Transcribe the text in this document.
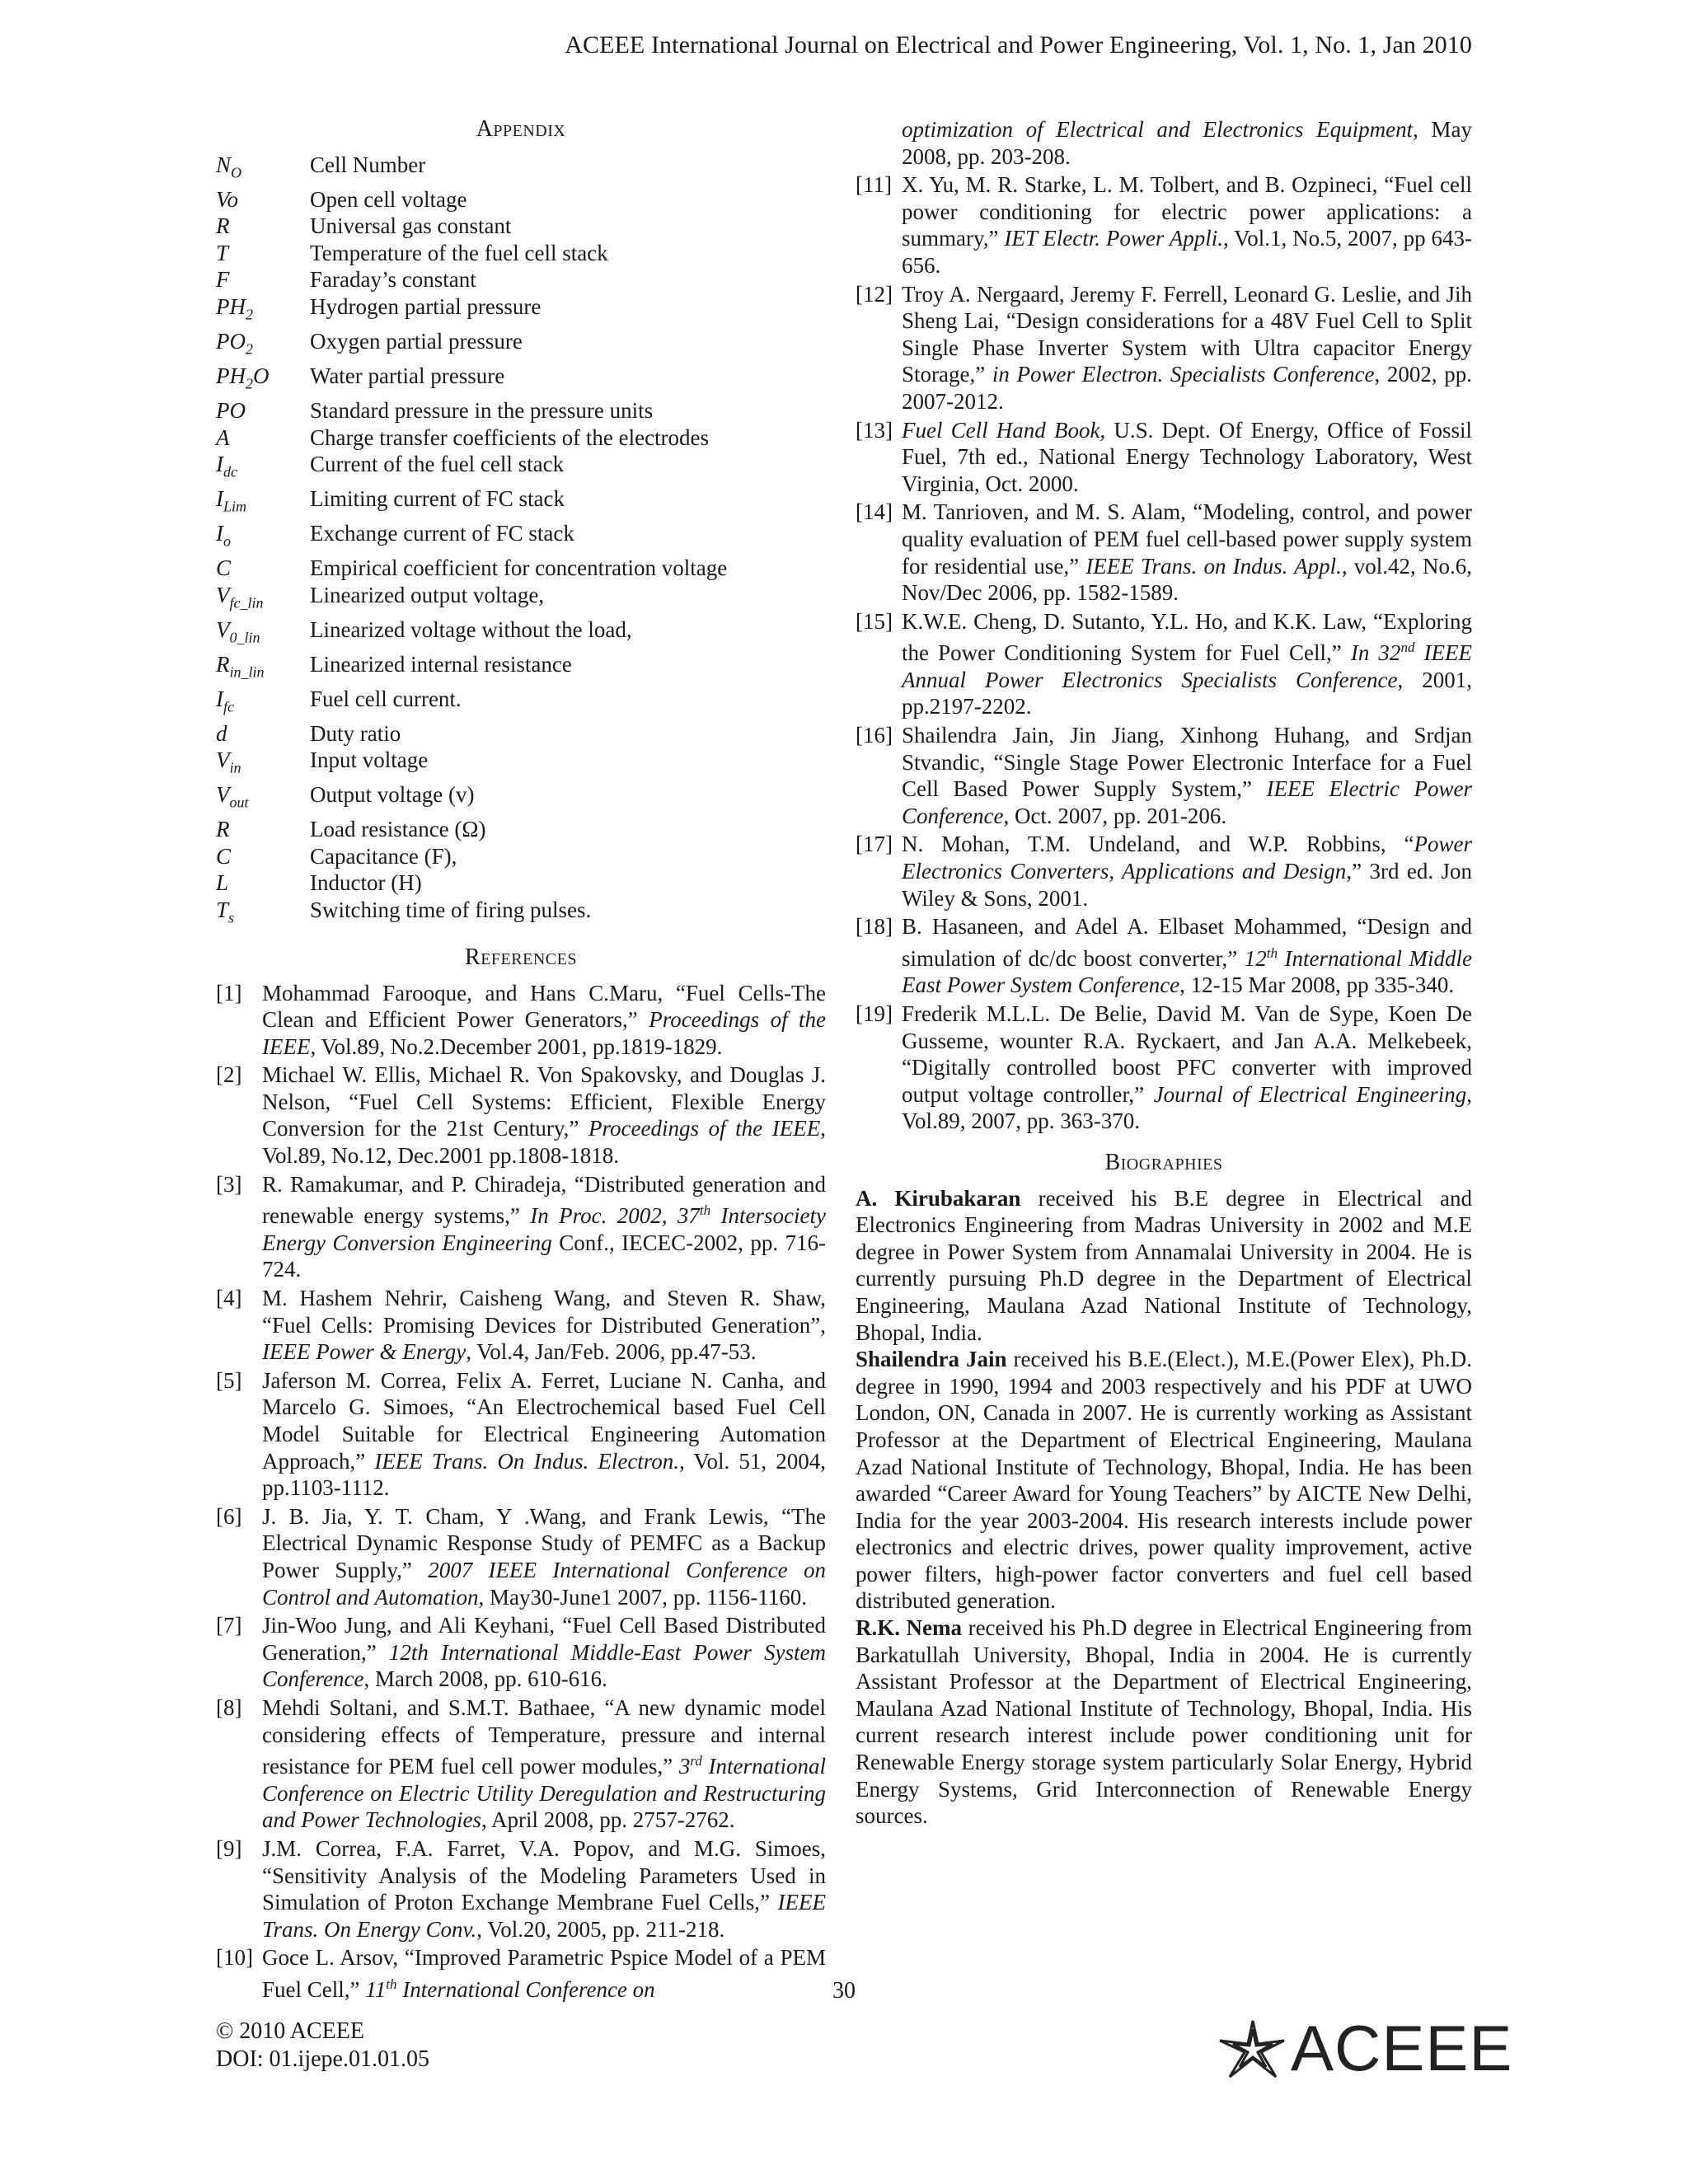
ACEEE International Journal on Electrical and Power Engineering, Vol. 1, No. 1, Jan 2010
Appendix
$N_O$	Cell Number
Vo	Open cell voltage
R	Universal gas constant
T	Temperature of the fuel cell stack
F	Faraday’s constant
$PH_2$	Hydrogen partial pressure
$PO_2$	Oxygen partial pressure
$PH_2O$	Water partial pressure
PO	Standard pressure in the pressure units
A	Charge transfer coefficients of the electrodes
$I_{dc}$	Current of the fuel cell stack
$I_{Lim}$	Limiting current of FC stack
$I_o$	Exchange current of FC stack
C	Empirical coefficient for concentration voltage
$V_{fc\_lin}$	Linearized output voltage,
$V_{0\_lin}$	Linearized voltage without the load,
$R_{in\_lin}$	Linearized internal resistance
$I_{fc}$	Fuel cell current.
d	Duty ratio
$V_{in}$	Input voltage
$V_{out}$	Output voltage (v)
R	Load resistance (Ω)
C	Capacitance (F),
L	Inductor (H)
$T_s$	Switching time of firing pulses.
References
[1] Mohammad Farooque, and Hans C.Maru, “Fuel Cells-The Clean and Efficient Power Generators,” Proceedings of the IEEE, Vol.89, No.2.December 2001, pp.1819-1829.
[2] Michael W. Ellis, Michael R. Von Spakovsky, and Douglas J. Nelson, “Fuel Cell Systems: Efficient, Flexible Energy Conversion for the 21st Century,” Proceedings of the IEEE, Vol.89, No.12, Dec.2001 pp.1808-1818.
[3] R. Ramakumar, and P. Chiradeja, “Distributed generation and renewable energy systems,” In Proc. 2002, 37th Intersociety Energy Conversion Engineering Conf., IECEC-2002, pp. 716-724.
[4] M. Hashem Nehrir, Caisheng Wang, and Steven R. Shaw, “Fuel Cells: Promising Devices for Distributed Generation”, IEEE Power & Energy, Vol.4, Jan/Feb. 2006, pp.47-53.
[5] Jaferson M. Correa, Felix A. Ferret, Luciane N. Canha, and Marcelo G. Simoes, “An Electrochemical based Fuel Cell Model Suitable for Electrical Engineering Automation Approach,” IEEE Trans. On Indus. Electron., Vol. 51, 2004, pp.1103-1112.
[6] J. B. Jia, Y. T. Cham, Y .Wang, and Frank Lewis, “The Electrical Dynamic Response Study of PEMFC as a Backup Power Supply,” 2007 IEEE International Conference on Control and Automation, May30-June1 2007, pp. 1156-1160.
[7] Jin-Woo Jung, and Ali Keyhani, “Fuel Cell Based Distributed Generation,” 12th International Middle-East Power System Conference, March 2008, pp. 610-616.
[8] Mehdi Soltani, and S.M.T. Bathaee, “A new dynamic model considering effects of Temperature, pressure and internal resistance for PEM fuel cell power modules,” 3rd International Conference on Electric Utility Deregulation and Restructuring and Power Technologies, April 2008, pp. 2757-2762.
[9] J.M. Correa, F.A. Farret, V.A. Popov, and M.G. Simoes, “Sensitivity Analysis of the Modeling Parameters Used in Simulation of Proton Exchange Membrane Fuel Cells,” IEEE Trans. On Energy Conv., Vol.20, 2005, pp. 211-218.
[10] Goce L. Arsov, “Improved Parametric Pspice Model of a PEM Fuel Cell,” 11th International Conference on
optimization of Electrical and Electronics Equipment, May 2008, pp. 203-208.
[11] X. Yu, M. R. Starke, L. M. Tolbert, and B. Ozpineci, “Fuel cell power conditioning for electric power applications: a summary,” IET Electr. Power Appli., Vol.1, No.5, 2007, pp 643-656.
[12] Troy A. Nergaard, Jeremy F. Ferrell, Leonard G. Leslie, and Jih Sheng Lai, “Design considerations for a 48V Fuel Cell to Split Single Phase Inverter System with Ultra capacitor Energy Storage,” in Power Electron. Specialists Conference, 2002, pp. 2007-2012.
[13] Fuel Cell Hand Book, U.S. Dept. Of Energy, Office of Fossil Fuel, 7th ed., National Energy Technology Laboratory, West Virginia, Oct. 2000.
[14] M. Tanrioven, and M. S. Alam, “Modeling, control, and power quality evaluation of PEM fuel cell-based power supply system for residential use,” IEEE Trans. on Indus. Appl., vol.42, No.6, Nov/Dec 2006, pp. 1582-1589.
[15] K.W.E. Cheng, D. Sutanto, Y.L. Ho, and K.K. Law, “Exploring the Power Conditioning System for Fuel Cell,” In 32nd IEEE Annual Power Electronics Specialists Conference, 2001, pp.2197-2202.
[16] Shailendra Jain, Jin Jiang, Xinhong Huhang, and Srdjan Stvandic, “Single Stage Power Electronic Interface for a Fuel Cell Based Power Supply System,” IEEE Electric Power Conference, Oct. 2007, pp. 201-206.
[17] N. Mohan, T.M. Undeland, and W.P. Robbins, “Power Electronics Converters, Applications and Design,” 3rd ed. Jon Wiley & Sons, 2001.
[18] B. Hasaneen, and Adel A. Elbaset Mohammed, “Design and simulation of dc/dc boost converter,” 12th International Middle East Power System Conference, 12-15 Mar 2008, pp 335-340.
[19] Frederik M.L.L. De Belie, David M. Van de Sype, Koen De Gusseme, wounter R.A. Ryckaert, and Jan A.A. Melkebeek, “Digitally controlled boost PFC converter with improved output voltage controller,” Journal of Electrical Engineering, Vol.89, 2007, pp. 363-370.
Biographies

A. Kirubakaran received his B.E degree in Electrical and Electronics Engineering from Madras University in 2002 and M.E degree in Power System from Annamalai University in 2004. He is currently pursuing Ph.D degree in the Department of Electrical Engineering, Maulana Azad National Institute of Technology, Bhopal, India.

Shailendra Jain received his B.E.(Elect.), M.E.(Power Elex), Ph.D. degree in 1990, 1994 and 2003 respectively and his PDF at UWO London, ON, Canada in 2007. He is currently working as Assistant Professor at the Department of Electrical Engineering, Maulana Azad National Institute of Technology, Bhopal, India. He has been awarded “Career Award for Young Teachers” by AICTE New Delhi, India for the year 2003-2004. His research interests include power electronics and electric drives, power quality improvement, active power filters, high-power factor converters and fuel cell based distributed generation.

R.K. Nema received his Ph.D degree in Electrical Engineering from Barkatullah University, Bhopal, India in 2004. He is currently Assistant Professor at the Department of Electrical Engineering, Maulana Azad National Institute of Technology, Bhopal, India. His current research interest include power conditioning unit for Renewable Energy storage system particularly Solar Energy, Hybrid Energy Systems, Grid Interconnection of Renewable Energy sources.

30
© 2010 ACEEE
DOI: 01.ijepe.01.01.05	ACEEE
